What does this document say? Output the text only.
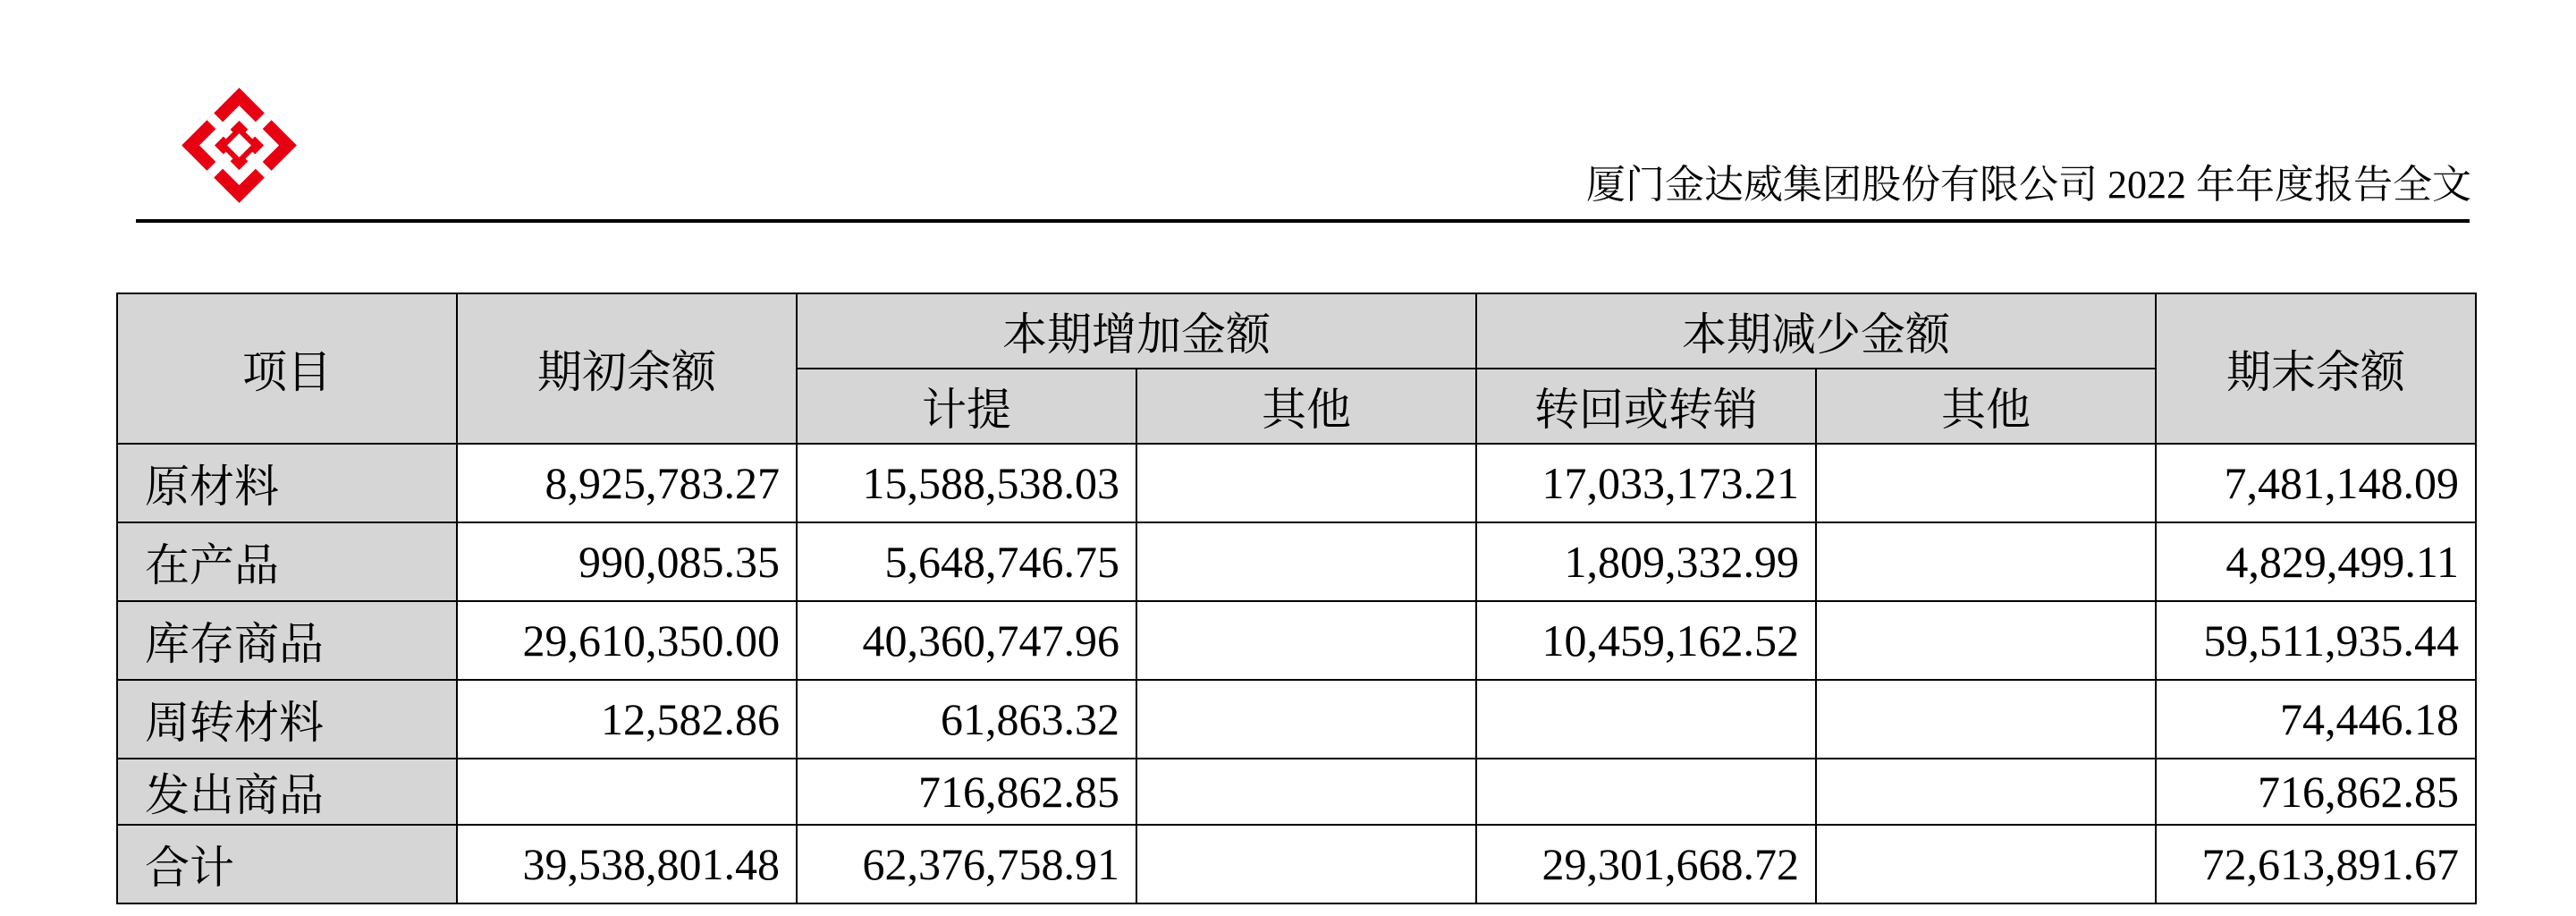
厦门金达威集团股份有限公司 2022 年年度报告全文
项目	期初余额	本期增加金额		本期减少金额		期末余额
		计提	其他	转回或转销	其他	
原材料	8,925,783.27	15,588,538.03		17,033,173.21		7,481,148.09
在产品	990,085.35	5,648,746.75		1,809,332.99		4,829,499.11
库存商品	29,610,350.00	40,360,747.96		10,459,162.52		59,511,935.44
周转材料	12,582.86	61,863.32				74,446.18
发出商品		716,862.85				716,862.85
合计	39,538,801.48	62,376,758.91		29,301,668.72		72,613,891.67
